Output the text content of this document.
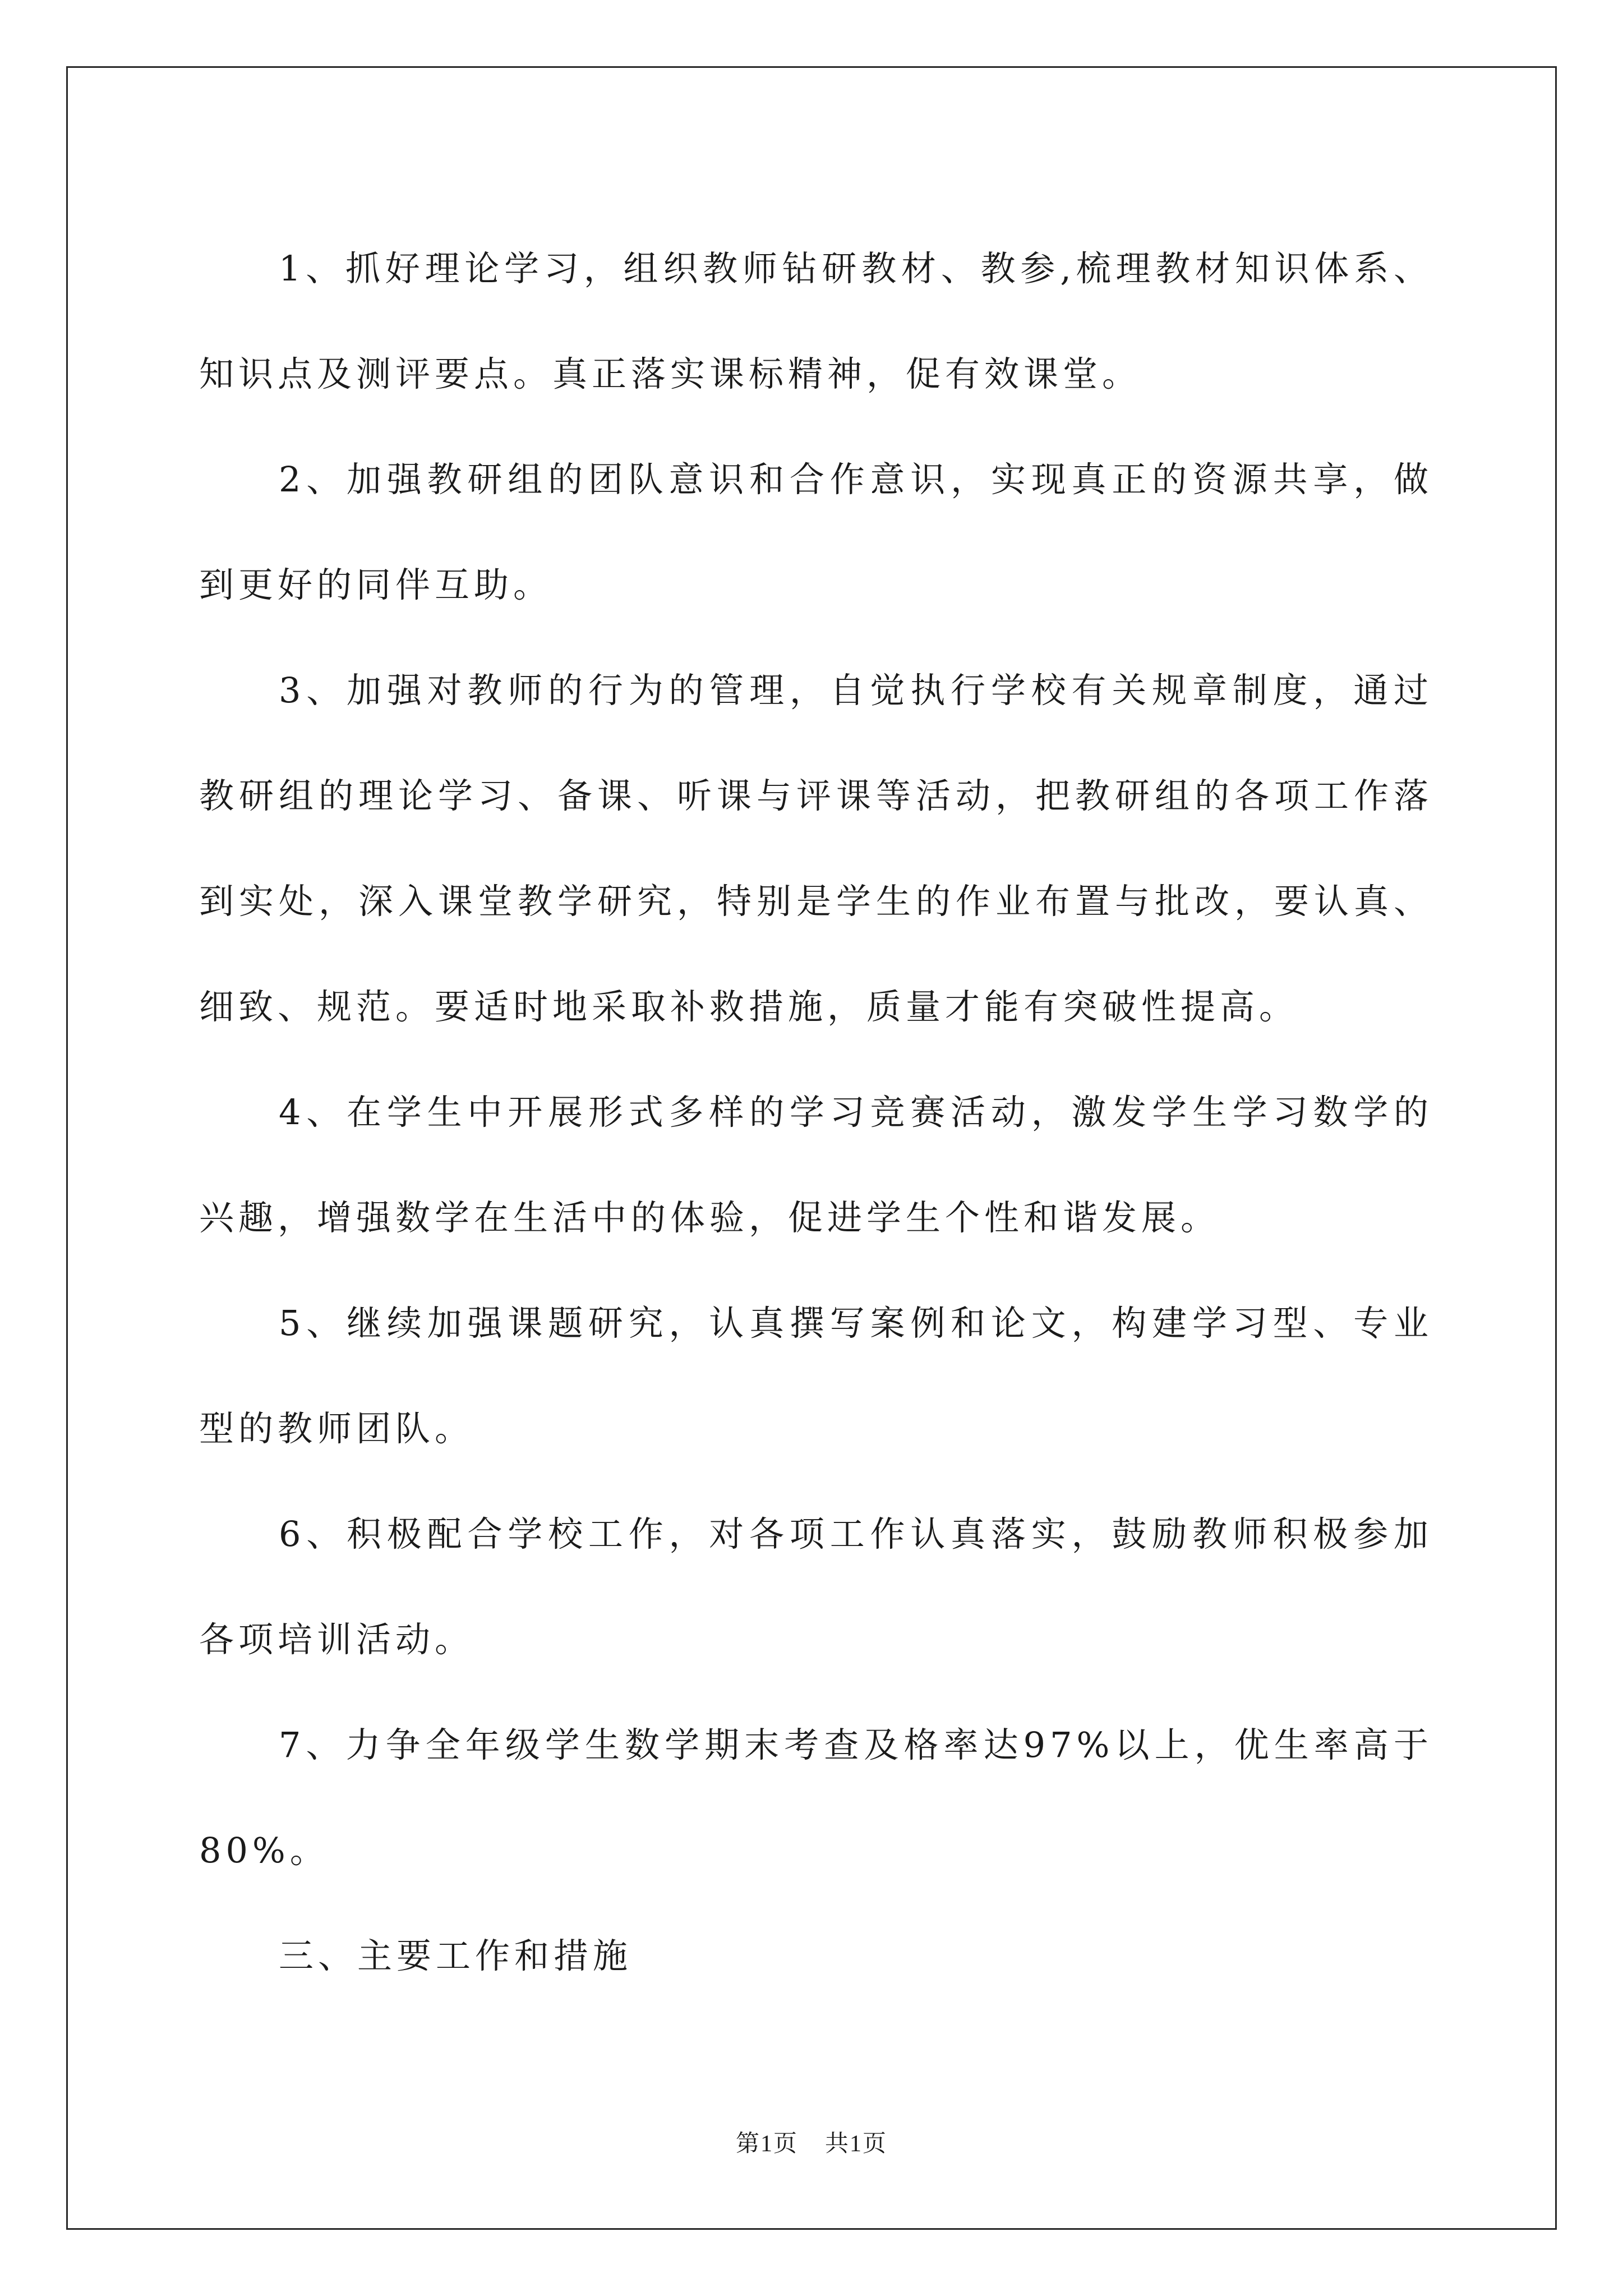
1、抓好理论学习，组织教师钻研教材、教参,梳理教材知识体系、知识点及测评要点。真正落实课标精神，促有效课堂。

2、加强教研组的团队意识和合作意识，实现真正的资源共享，做到更好的同伴互助。

3、加强对教师的行为的管理，自觉执行学校有关规章制度，通过教研组的理论学习、备课、听课与评课等活动，把教研组的各项工作落到实处，深入课堂教学研究，特别是学生的作业布置与批改，要认真、细致、规范。要适时地采取补救措施，质量才能有突破性提高。

4、在学生中开展形式多样的学习竞赛活动，激发学生学习数学的兴趣，增强数学在生活中的体验，促进学生个性和谐发展。

5、继续加强课题研究，认真撰写案例和论文，构建学习型、专业型的教师团队。

6、积极配合学校工作，对各项工作认真落实，鼓励教师积极参加各项培训活动。

7、力争全年级学生数学期末考查及格率达97%以上，优生率高于80%。

三、主要工作和措施

第1页 共1页
